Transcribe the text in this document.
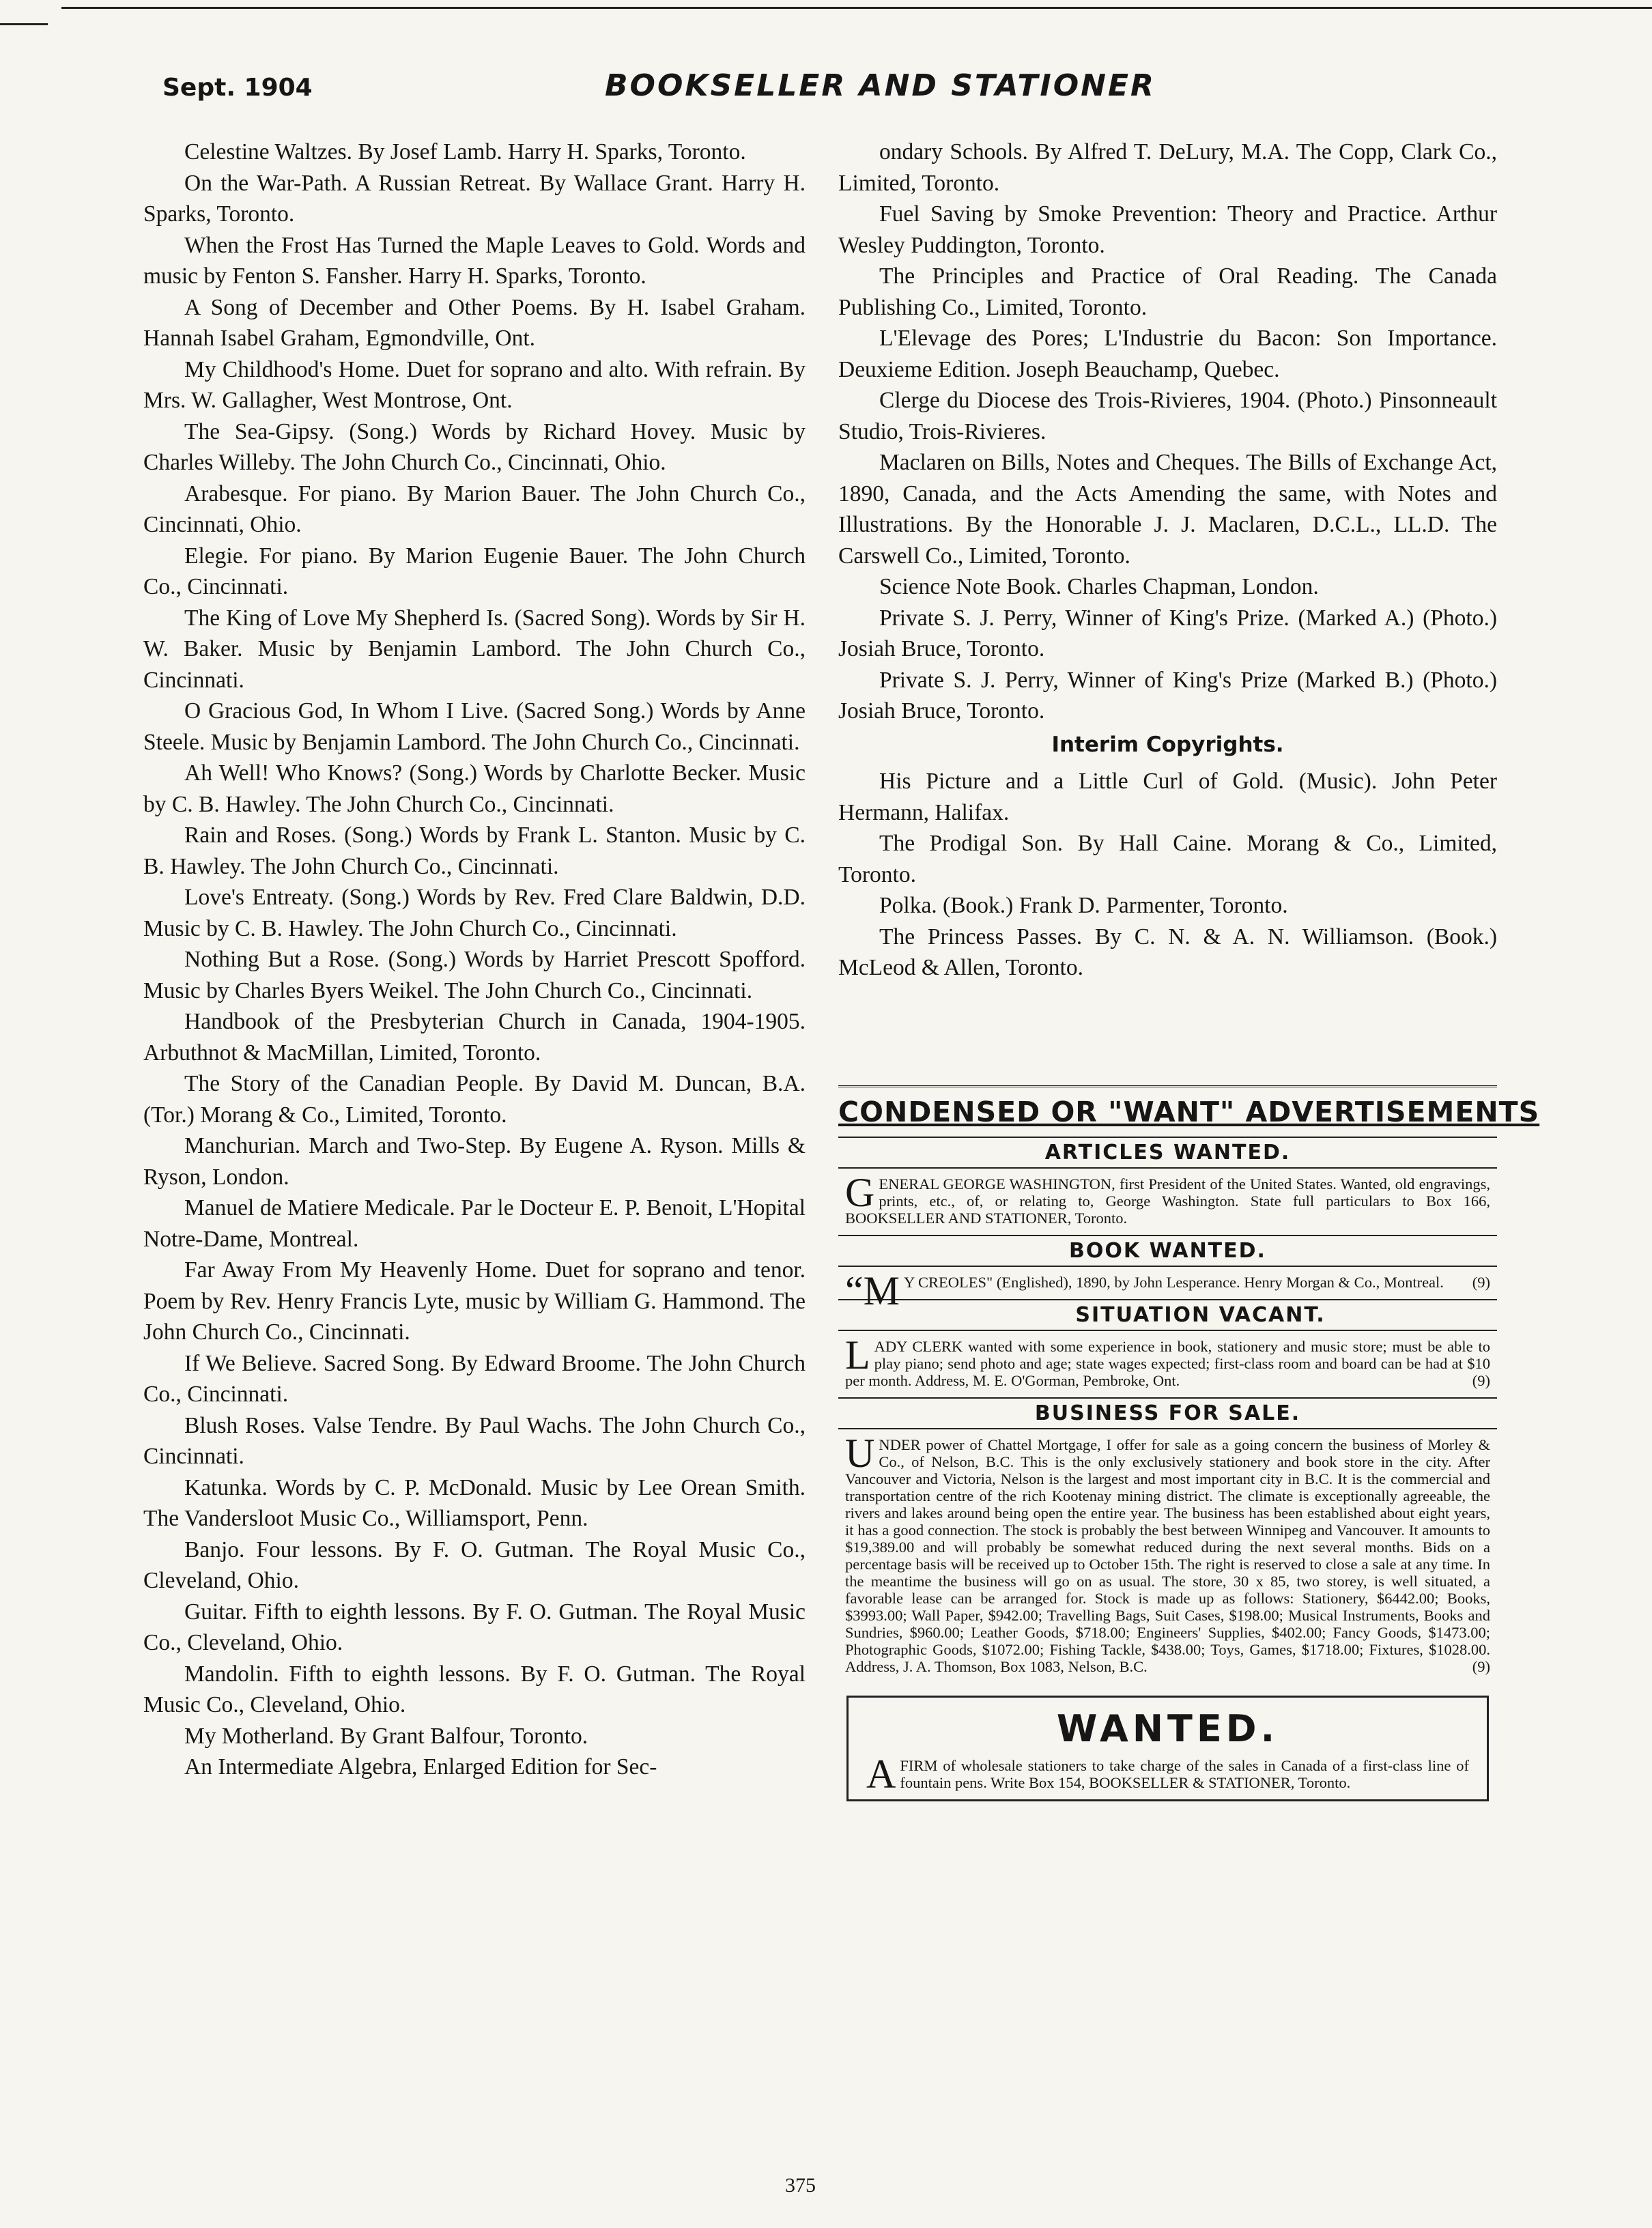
Sept. 1904	BOOKSELLER AND STATIONER

Celestine Waltzes. By Josef Lamb. Harry H. Sparks, Toronto.

On the War-Path. A Russian Retreat. By Wallace Grant. Harry H. Sparks, Toronto.

When the Frost Has Turned the Maple Leaves to Gold. Words and music by Fenton S. Fansher. Harry H. Sparks, Toronto.

A Song of December and Other Poems. By H. Isabel Graham. Hannah Isabel Graham, Egmondville, Ont.

My Childhood's Home. Duet for soprano and alto. With refrain. By Mrs. W. Gallagher, West Montrose, Ont.

The Sea-Gipsy. (Song.) Words by Richard Hovey. Music by Charles Willeby. The John Church Co., Cincinnati, Ohio.

Arabesque. For piano. By Marion Bauer. The John Church Co., Cincinnati, Ohio.

Elegie. For piano. By Marion Eugenie Bauer. The John Church Co., Cincinnati.

The King of Love My Shepherd Is. (Sacred Song). Words by Sir H. W. Baker. Music by Benjamin Lambord. The John Church Co., Cincinnati.

O Gracious God, In Whom I Live. (Sacred Song.) Words by Anne Steele. Music by Benjamin Lambord. The John Church Co., Cincinnati.

Ah Well! Who Knows? (Song.) Words by Charlotte Becker. Music by C. B. Hawley. The John Church Co., Cincinnati.

Rain and Roses. (Song.) Words by Frank L. Stanton. Music by C. B. Hawley. The John Church Co., Cincinnati.

Love's Entreaty. (Song.) Words by Rev. Fred Clare Baldwin, D.D. Music by C. B. Hawley. The John Church Co., Cincinnati.

Nothing But a Rose. (Song.) Words by Harriet Prescott Spofford. Music by Charles Byers Weikel. The John Church Co., Cincinnati.

Handbook of the Presbyterian Church in Canada, 1904-1905. Arbuthnot & MacMillan, Limited, Toronto.

The Story of the Canadian People. By David M. Duncan, B.A. (Tor.) Morang & Co., Limited, Toronto.

Manchurian. March and Two-Step. By Eugene A. Ryson. Mills & Ryson, London.

Manuel de Matiere Medicale. Par le Docteur E. P. Benoit, L'Hopital Notre-Dame, Montreal.

Far Away From My Heavenly Home. Duet for soprano and tenor. Poem by Rev. Henry Francis Lyte, music by William G. Hammond. The John Church Co., Cincinnati.

If We Believe. Sacred Song. By Edward Broome. The John Church Co., Cincinnati.

Blush Roses. Valse Tendre. By Paul Wachs. The John Church Co., Cincinnati.

Katunka. Words by C. P. McDonald. Music by Lee Orean Smith. The Vandersloot Music Co., Williamsport, Penn.

Banjo. Four lessons. By F. O. Gutman. The Royal Music Co., Cleveland, Ohio.

Guitar. Fifth to eighth lessons. By F. O. Gutman. The Royal Music Co., Cleveland, Ohio.

Mandolin. Fifth to eighth lessons. By F. O. Gutman. The Royal Music Co., Cleveland, Ohio.

My Motherland. By Grant Balfour, Toronto.

An Intermediate Algebra, Enlarged Edition for Sec-

ondary Schools. By Alfred T. DeLury, M.A. The Copp, Clark Co., Limited, Toronto.

Fuel Saving by Smoke Prevention: Theory and Practice. Arthur Wesley Puddington, Toronto.

The Principles and Practice of Oral Reading. The Canada Publishing Co., Limited, Toronto.

L'Elevage des Pores; L'Industrie du Bacon: Son Importance. Deuxieme Edition. Joseph Beauchamp, Quebec.

Clerge du Diocese des Trois-Rivieres, 1904. (Photo.) Pinsonneault Studio, Trois-Rivieres.

Maclaren on Bills, Notes and Cheques. The Bills of Exchange Act, 1890, Canada, and the Acts Amending the same, with Notes and Illustrations. By the Honorable J. J. Maclaren, D.C.L., LL.D. The Carswell Co., Limited, Toronto.

Science Note Book. Charles Chapman, London.

Private S. J. Perry, Winner of King's Prize. (Marked A.) (Photo.) Josiah Bruce, Toronto.

Private S. J. Perry, Winner of King's Prize (Marked B.) (Photo.) Josiah Bruce, Toronto.

Interim Copyrights.

His Picture and a Little Curl of Gold. (Music). John Peter Hermann, Halifax.

The Prodigal Son. By Hall Caine. Morang & Co., Limited, Toronto.

Polka. (Book.) Frank D. Parmenter, Toronto.

The Princess Passes. By C. N. & A. N. Williamson. (Book.) McLeod & Allen, Toronto.

CONDENSED OR "WANT" ADVERTISEMENTS
ARTICLES WANTED.
GENERAL GEORGE WASHINGTON, first President of the United States. Wanted, old engravings, prints, etc., of, or relating to, George Washington. State full particulars to Box 166, BOOKSELLER AND STATIONER, Toronto.
BOOK WANTED.
“M Y CREOLES" (Englished), 1890, by John Lesperance. Henry Morgan & Co., Montreal. (9)
SITUATION VACANT.
LADY CLERK wanted with some experience in book, stationery and music store; must be able to play piano; send photo and age; state wages expected; first-class room and board can be had at $10 per month. Address, M. E. O'Gorman, Pembroke, Ont.	(9)
BUSINESS FOR SALE.
UNDER power of Chattel Mortgage, I offer for sale as a going concern the business of Morley & Co., of Nelson, B.C. This is the only exclusively stationery and book store in the city. After Vancouver and Victoria, Nelson is the largest and most important city in B.C. It is the commercial and transportation centre of the rich Kootenay mining district. The climate is exceptionally agreeable, the rivers and lakes around being open the entire year. The business has been established about eight years, it has a good connection. The stock is probably the best between Winnipeg and Vancouver. It amounts to $19,389.00 and will probably be somewhat reduced during the next several months. Bids on a percentage basis will be received up to October 15th. The right is reserved to close a sale at any time. In the meantime the business will go on as usual. The store, 30 x 85, two storey, is well situated, a favorable lease can be arranged for. Stock is made up as follows: Stationery, $6442.00; Books, $3993.00; Wall Paper, $942.00; Travelling Bags, Suit Cases, $198.00; Musical Instruments, Books and Sundries, $960.00; Leather Goods, $718.00; Engineers' Supplies, $402.00; Fancy Goods, $1473.00; Photographic Goods, $1072.00; Fishing Tackle, $438.00; Toys, Games, $1718.00; Fixtures, $1028.00. Address, J. A. Thomson, Box 1083, Nelson, B.C.	(9)
WANTED.
A FIRM of wholesale stationers to take charge of the sales in Canada of a first-class line of fountain pens. Write Box 154, BOOKSELLER & STATIONER, Toronto.
375
